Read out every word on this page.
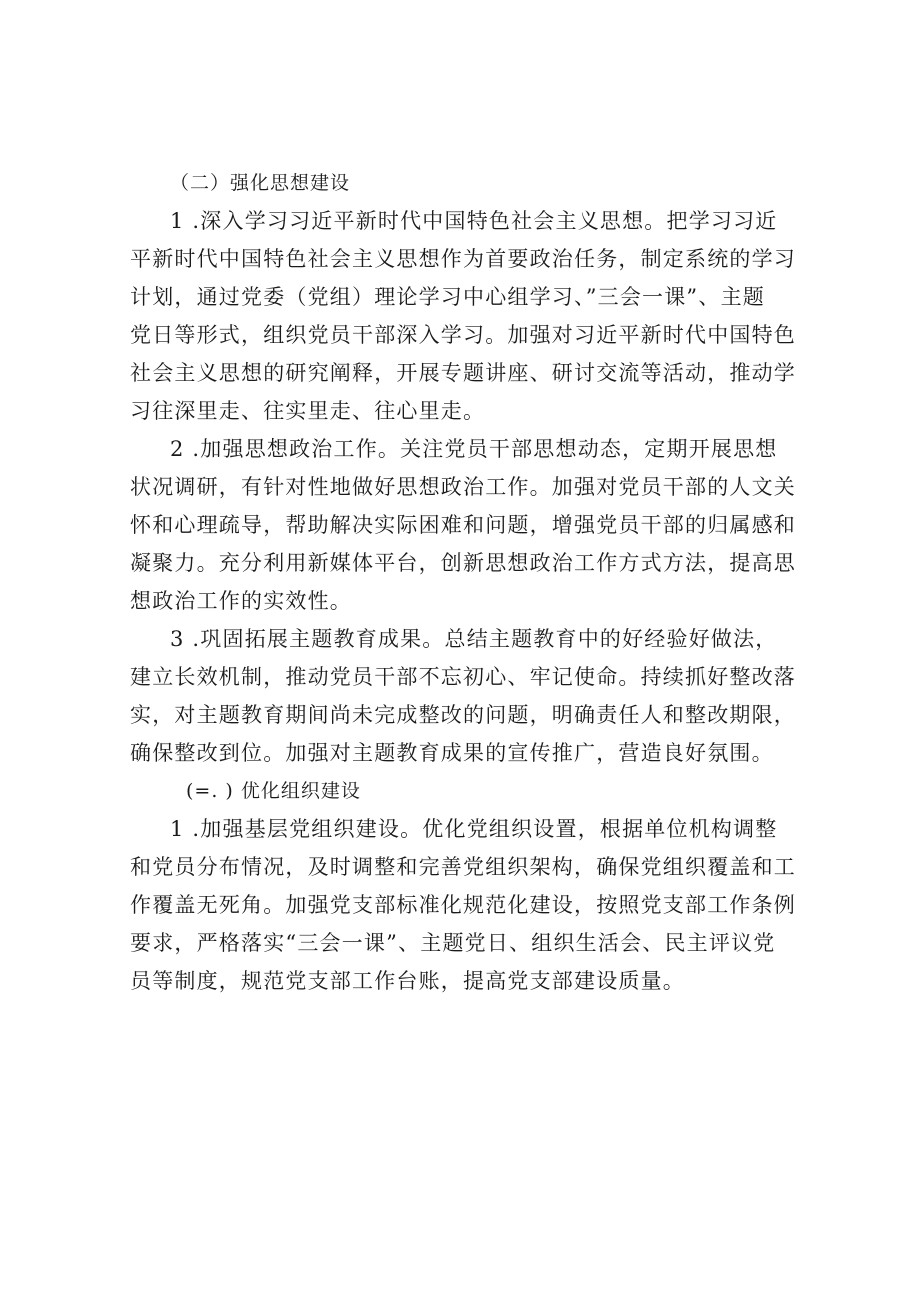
（二）强化思想建设
1 .深入学习习近平新时代中国特色社会主义思想。把学习习近
平新时代中国特色社会主义思想作为首要政治任务，制定系统的学习
计划，通过党委（党组）理论学习中心组学习、”三会一课”、主题
党日等形式，组织党员干部深入学习。加强对习近平新时代中国特色
社会主义思想的研究阐释，开展专题讲座、研讨交流等活动，推动学
习往深里走、往实里走、往心里走。
2 .加强思想政治工作。关注党员干部思想动态，定期开展思想
状况调研，有针对性地做好思想政治工作。加强对党员干部的人文关
怀和心理疏导，帮助解决实际困难和问题，增强党员干部的归属感和
凝聚力。充分利用新媒体平台，创新思想政治工作方式方法，提高思
想政治工作的实效性。
3 .巩固拓展主题教育成果。总结主题教育中的好经验好做法，
建立长效机制，推动党员干部不忘初心、牢记使命。持续抓好整改落
实，对主题教育期间尚未完成整改的问题，明确责任人和整改期限，
确保整改到位。加强对主题教育成果的宣传推广，营造良好氛围。
(=. ) 优化组织建设
1 .加强基层党组织建设。优化党组织设置，根据单位机构调整
和党员分布情况，及时调整和完善党组织架构，确保党组织覆盖和工
作覆盖无死角。加强党支部标准化规范化建设，按照党支部工作条例
要求，严格落实“三会一课”、主题党日、组织生活会、民主评议党
员等制度，规范党支部工作台账，提高党支部建设质量。
